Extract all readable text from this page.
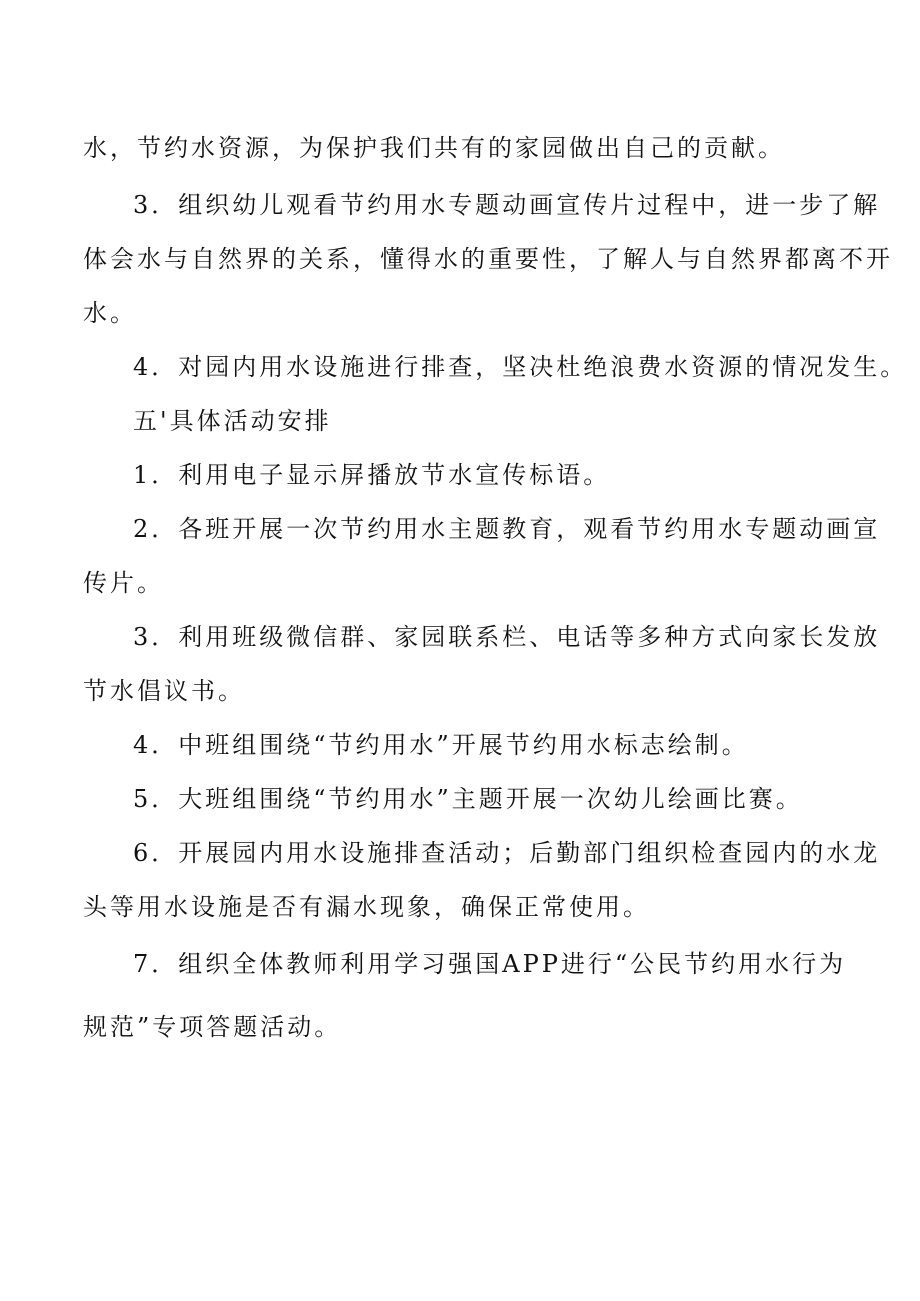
水，节约水资源，为保护我们共有的家园做出自己的贡献。
3．组织幼儿观看节约用水专题动画宣传片过程中，进一步了解
体会水与自然界的关系，懂得水的重要性，了解人与自然界都离不开
水。
4．对园内用水设施进行排查，坚决杜绝浪费水资源的情况发生。
五'具体活动安排
1．利用电子显示屏播放节水宣传标语。
2．各班开展一次节约用水主题教育，观看节约用水专题动画宣
传片。
3．利用班级微信群、家园联系栏、电话等多种方式向家长发放
节水倡议书。
4．中班组围绕“节约用水”开展节约用水标志绘制。
5．大班组围绕“节约用水”主题开展一次幼儿绘画比赛。
6．开展园内用水设施排查活动；后勤部门组织检查园内的水龙
头等用水设施是否有漏水现象，确保正常使用。
7．组织全体教师利用学习强国APP进行“公民节约用水行为
规范”专项答题活动。
